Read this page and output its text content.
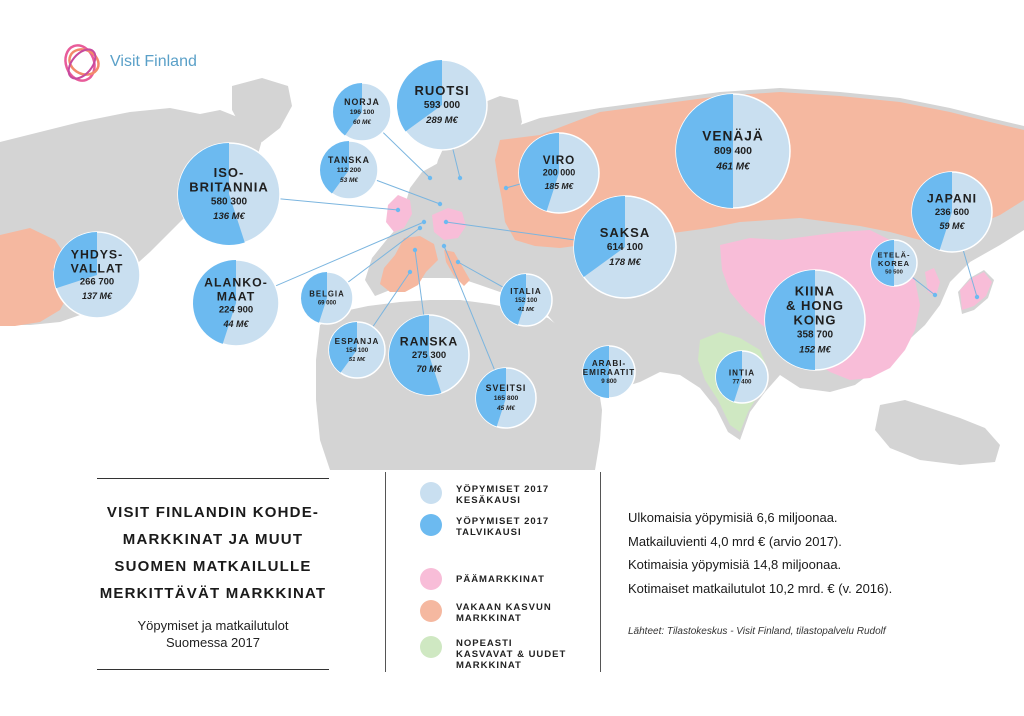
RUOTSI
593 000
289 M€
NORJA
196 100
60 M€
TANSKA
112 200
53 M€
ISO-
BRITANNIA
580 300
136 M€
YHDYS-
VALLAT
266 700
137 M€
ALANKO-
MAAT
224 900
44 M€
BELGIA
69 000
ESPANJA
154 100
51 M€
RANSKA
275 300
70 M€
SVEITSI
165 800
45 M€
ITALIA
152 100
41 M€
VIRO
200 000
185 M€
SAKSA
614 100
178 M€
VENÄJÄ
809 400
461 M€
JAPANI
236 600
59 M€
ETELÄ-
KOREA
50 500
KIINA
& HONG
KONG
358 700
152 M€
ARABI-
EMIRAATIT
9 800
INTIA
77 400
Visit Finland
VISIT FINLANDIN KOHDE-
MARKKINAT JA MUUT
SUOMEN MATKAILULLE
MERKITTÄVÄT MARKKINAT
Yöpymiset ja matkailutulot
Suomessa 2017
YÖPYMISET 2017
KESÄKAUSI
YÖPYMISET 2017
TALVIKAUSI
PÄÄMARKKINAT
VAKAAN KASVUN
MARKKINAT
NOPEASTI
KASVAVAT & UUDET
MARKKINAT
Ulkomaisia yöpymisiä 6,6 miljoonaa.
Matkailuvienti 4,0 mrd € (arvio 2017).
Kotimaisia yöpymisiä 14,8 miljoonaa.
Kotimaiset matkailutulot 10,2 mrd. € (v. 2016).
Lähteet: Tilastokeskus - Visit Finland, tilastopalvelu Rudolf
